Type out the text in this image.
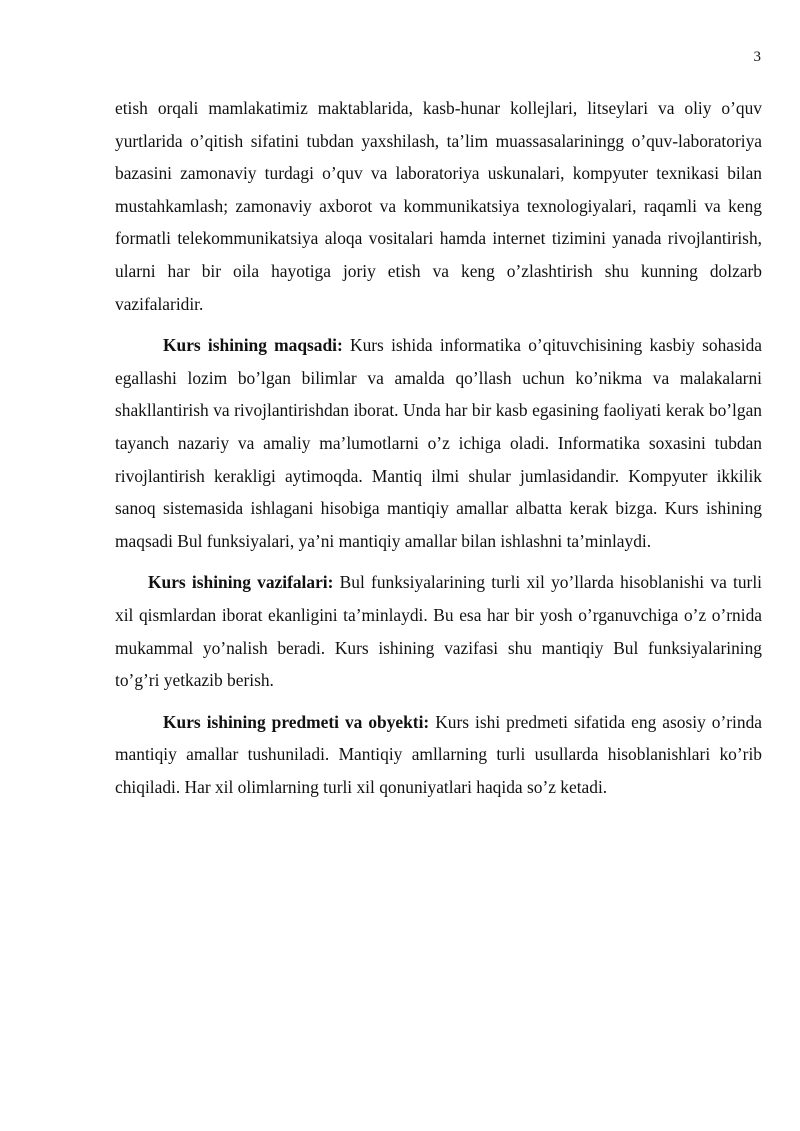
3

etish orqali mamlakatimiz maktablarida, kasb-hunar kollejlari, litseylari va oliy o’quv yurtlarida o’qitish sifatini tubdan yaxshilash, ta’lim muassasalariningg o’quv-laboratoriya bazasini zamonaviy turdagi o’quv va laboratoriya uskunalari, kompyuter texnikasi bilan mustahkamlash; zamonaviy axborot va kommunikatsiya texnologiyalari, raqamli va keng formatli telekommunikatsiya aloqa vositalari hamda internet tizimini yanada rivojlantirish, ularni har bir oila hayotiga joriy etish va keng o’zlashtirish shu kunning dolzarb vazifalaridir.

Kurs ishining maqsadi: Kurs ishida informatika o’qituvchisining kasbiy sohasida egallashi lozim bo’lgan bilimlar va amalda qo’llash uchun ko’nikma va malakalarni shakllantirish va rivojlantirishdan iborat. Unda har bir kasb egasining faoliyati kerak bo’lgan tayanch nazariy va amaliy ma’lumotlarni o’z ichiga oladi. Informatika soxasini tubdan rivojlantirish kerakligi aytimoqda. Mantiq ilmi shular jumlasidandir. Kompyuter ikkilik sanoq sistemasida ishlagani hisobiga mantiqiy amallar albatta kerak bizga. Kurs ishining maqsadi Bul funksiyalari, ya’ni mantiqiy amallar bilan ishlashni ta’minlaydi.

Kurs ishining vazifalari: Bul funksiyalarining turli xil yo’llarda hisoblanishi va turli xil qismlardan iborat ekanligini ta’minlaydi. Bu esa har bir yosh o’rganuvchiga o’z o’rnida mukammal yo’nalish beradi. Kurs ishining vazifasi shu mantiqiy Bul funksiyalarining to’g’ri yetkazib berish.

Kurs ishining predmeti va obyekti: Kurs ishi predmeti sifatida eng asosiy o’rinda mantiqiy amallar tushuniladi. Mantiqiy amllarning turli usullarda hisoblanishlari ko’rib chiqiladi. Har xil olimlarning turli xil qonuniyatlari haqida so’z ketadi.
